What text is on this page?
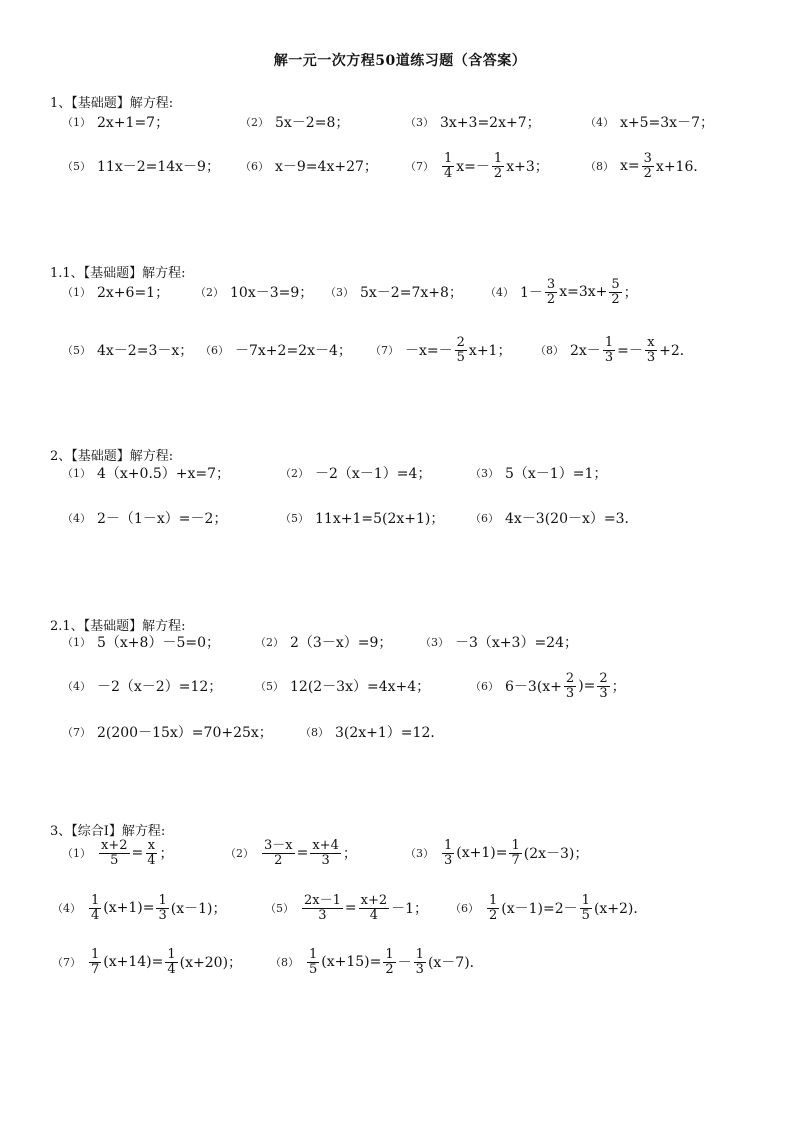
解一元一次方程50道练习题（含答案）
1、【基础题】解方程:
（1） 2x+1=7；	（2） 5x－2=8；	（3） 3x+3=2x+7；	（4） x+5=3x－7；
（5） 11x－2=14x－9； （6） x－9=4x+27； $(7) \frac{1}{4} x=- \frac{1}{2} x+3$；	（8） $x= \frac{3}{2} x+16$．
1.1、【基础题】解方程:
（1） 2x+6=1； （2） 10x－3=9； （3） 5x－2=7x+8； （4） $1- \frac{3}{2} x=3x+ \frac{5}{2}$ ；
（5） 4x－2=3－x； （6） －7x+2=2x－4； $(7) -x=- \frac{2}{5} x+1$； （8） $2x- \frac{1}{3} =- \frac{x}{3} +2$．
2、【基础题】解方程:
（1） 4（x+0.5）+x=7；	（2） －2（x－1）=4；	（3） 5（x－1）=1；
（4） 2－（1－x）=－2；	（5） 11x+1=5(2x+1)； （6） 4x－3(20－x）=3．
2.1、【基础题】解方程:
（1） 5（x+8）－5=0；	（2） 2（3－x）=9；	（3） －3（x+3）=24；
（4） －2（x－2）=12；	（5） 12(2－3x）=4x+4；	（6） $6-3(x+ \frac{2}{3}$ )= $\frac{2}{3}$ ；
（7） 2(200－15x）=70+25x； （8） 3(2x+1）=12．
3、【综合Ⅰ】解方程:
$(1) \frac{x+2}{5} = \frac{x}{4}$ ；	$(2) \frac{3-x}{2} = \frac{x+4}{3}$ ；	$(3) \frac{1}{3} (x+1)= \frac{1}{7} (2x-3)$；
$(4) \frac{1}{4} (x+1)= \frac{1}{3} (x-1)$；	$(5) \frac{2x-1}{3} = \frac{x+2}{4} -1$； $(6) \frac{1}{2} (x-1)=2- \frac{1}{5} (x+2)$．
$(7) \frac{1}{7} (x+14)= \frac{1}{4} (x+20)$；	$(8) \frac{1}{5} (x+15)= \frac{1}{2} - \frac{1}{3} (x-7)$．
